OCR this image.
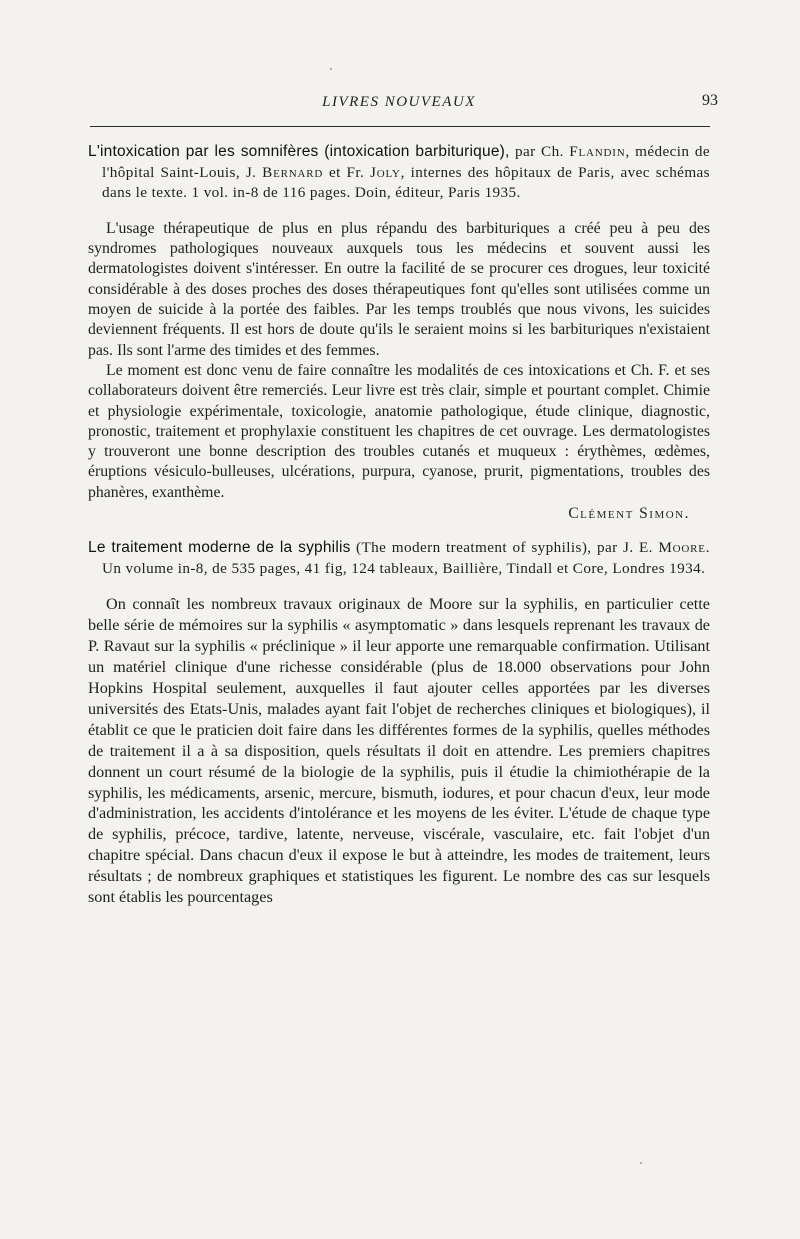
LIVRES NOUVEAUX	93

L'intoxication par les somnifères (intoxication barbiturique), par Ch. Flandin, médecin de l'hôpital Saint-Louis, J. Bernard et Fr. Joly, internes des hôpitaux de Paris, avec schémas dans le texte. 1 vol. in-8 de 116 pages. Doin, éditeur, Paris 1935.

L'usage thérapeutique de plus en plus répandu des barbituriques a créé peu à peu des syndromes pathologiques nouveaux auxquels tous les médecins et souvent aussi les dermatologistes doivent s'intéresser. En outre la facilité de se procurer ces drogues, leur toxicité considérable à des doses proches des doses thérapeutiques font qu'elles sont utilisées comme un moyen de suicide à la portée des faibles. Par les temps troublés que nous vivons, les suicides deviennent fréquents. Il est hors de doute qu'ils le seraient moins si les barbituriques n'existaient pas. Ils sont l'arme des timides et des femmes.

Le moment est donc venu de faire connaître les modalités de ces intoxications et Ch. F. et ses collaborateurs doivent être remerciés. Leur livre est très clair, simple et pourtant complet. Chimie et physiologie expérimentale, toxicologie, anatomie pathologique, étude clinique, diagnostic, pronostic, traitement et prophylaxie constituent les chapitres de cet ouvrage. Les dermatologistes y trouveront une bonne description des troubles cutanés et muqueux : érythèmes, œdèmes, éruptions vésiculo-bulleuses, ulcérations, purpura, cyanose, prurit, pigmentations, troubles des phanères, exanthème.

Clément Simon.

Le traitement moderne de la syphilis (The modern treatment of syphilis), par J. E. Moore. Un volume in-8, de 535 pages, 41 fig, 124 tableaux, Baillière, Tindall et Core, Londres 1934.

On connaît les nombreux travaux originaux de Moore sur la syphilis, en particulier cette belle série de mémoires sur la syphilis « asymptomatic » dans lesquels reprenant les travaux de P. Ravaut sur la syphilis « préclinique » il leur apporte une remarquable confirmation. Utilisant un matériel clinique d'une richesse considérable (plus de 18.000 observations pour John Hopkins Hospital seulement, auxquelles il faut ajouter celles apportées par les diverses universités des Etats-Unis, malades ayant fait l'objet de recherches cliniques et biologiques), il établit ce que le praticien doit faire dans les différentes formes de la syphilis, quelles méthodes de traitement il a à sa disposition, quels résultats il doit en attendre. Les premiers chapitres donnent un court résumé de la biologie de la syphilis, puis il étudie la chimiothérapie de la syphilis, les médicaments, arsenic, mercure, bismuth, iodures, et pour chacun d'eux, leur mode d'administration, les accidents d'intolérance et les moyens de les éviter. L'étude de chaque type de syphilis, précoce, tardive, latente, nerveuse, viscérale, vasculaire, etc. fait l'objet d'un chapitre spécial. Dans chacun d'eux il expose le but à atteindre, les modes de traitement, leurs résultats ; de nombreux graphiques et statistiques les figurent. Le nombre des cas sur lesquels sont établis les pourcentages
